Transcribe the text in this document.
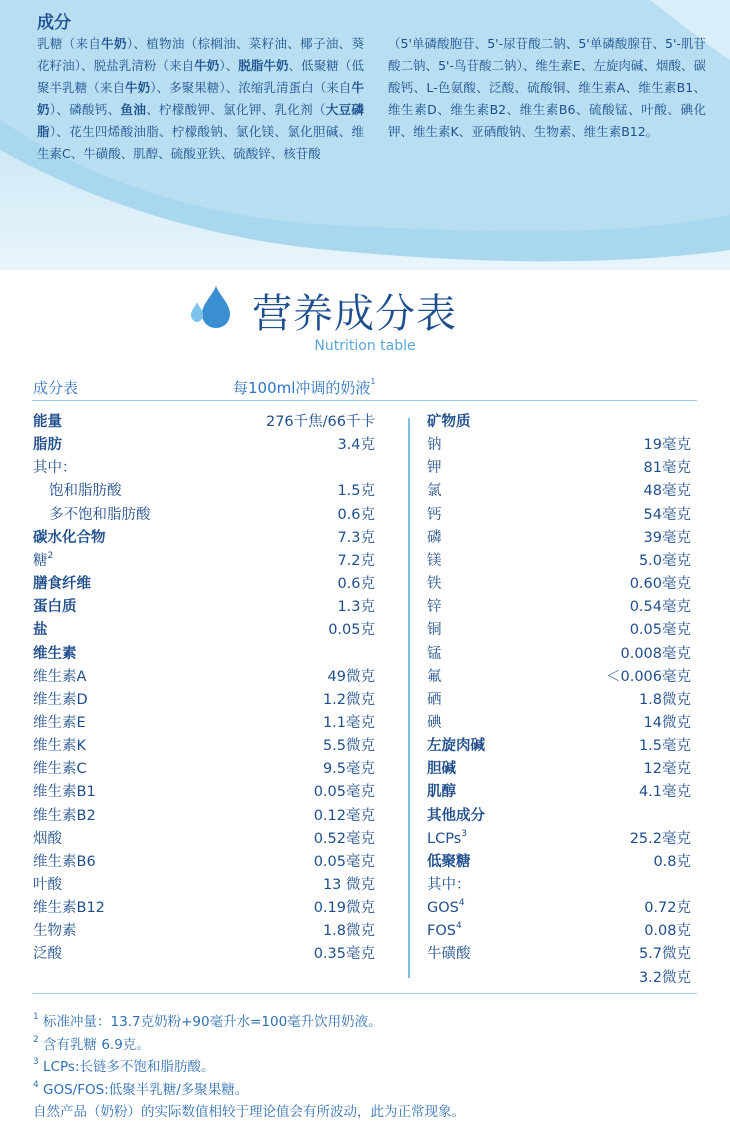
成分
乳糖（来自牛奶）、植物油（棕榈油、菜籽油、椰子油、葵花籽油）、脱盐乳清粉（来自牛奶）、脱脂牛奶、低聚糖（低聚半乳糖（来自牛奶）、多聚果糖）、浓缩乳清蛋白（来自牛奶）、磷酸钙、鱼油、柠檬酸钾、氯化钾、乳化剂（大豆磷脂）、花生四烯酸油脂、柠檬酸钠、氯化镁、氯化胆碱、维生素C、牛磺酸、肌醇、硫酸亚铁、硫酸锌、核苷酸
（5'单磷酸胞苷、5'-尿苷酸二钠、5'单磷酸腺苷、5'-肌苷酸二钠、5'-鸟苷酸二钠）、维生素E、左旋肉碱、烟酸、碳酸钙、L-色氨酸、泛酸、硫酸铜、维生素A、维生素B1、维生素D、维生素B2、维生素B6、硫酸锰、叶酸、碘化钾、维生素K、亚硒酸钠、生物素、维生素B12。
营养成分表
Nutrition table
成分表	每100ml冲调的奶液$^1$
能量	276千焦/66千卡
脂肪	3.4克
其中：
饱和脂肪酸	1.5克
多不饱和脂肪酸	0.6克
碳水化合物	7.3克
糖$^2$	7.2克
膳食纤维	0.6克
蛋白质	1.3克
盐	0.05克
维生素
维生素A	49微克
维生素D	1.2微克
维生素E	1.1毫克
维生素K	5.5微克
维生素C	9.5毫克
维生素B1	0.05毫克
维生素B2	0.12毫克
烟酸	0.52毫克
维生素B6	0.05毫克
叶酸	13 微克
维生素B12	0.19微克
生物素	1.8微克
泛酸	0.35毫克
矿物质
钠	19毫克
钾	81毫克
氯	48毫克
钙	54毫克
磷	39毫克
镁	5.0毫克
铁	0.60毫克
锌	0.54毫克
铜	0.05毫克
锰	0.008毫克
氟	＜0.006毫克
硒	1.8微克
碘	14微克
左旋肉碱	1.5毫克
胆碱	12毫克
肌醇	4.1毫克
其他成分
LCPs$^3$	25.2毫克
低聚糖	0.8克
其中：
GOS$^4$	0.72克
FOS$^4$	0.08克
牛磺酸	5.7微克
3.2微克
$^1$ 标准冲量：13.7克奶粉+90毫升水=100毫升饮用奶液。
$^2$ 含有乳糖 6.9克。
$^3$ LCPs:长链多不饱和脂肪酸。
$^4$ GOS/FOS:低聚半乳糖/多聚果糖。
自然产品（奶粉）的实际数值相较于理论值会有所波动，此为正常现象。
